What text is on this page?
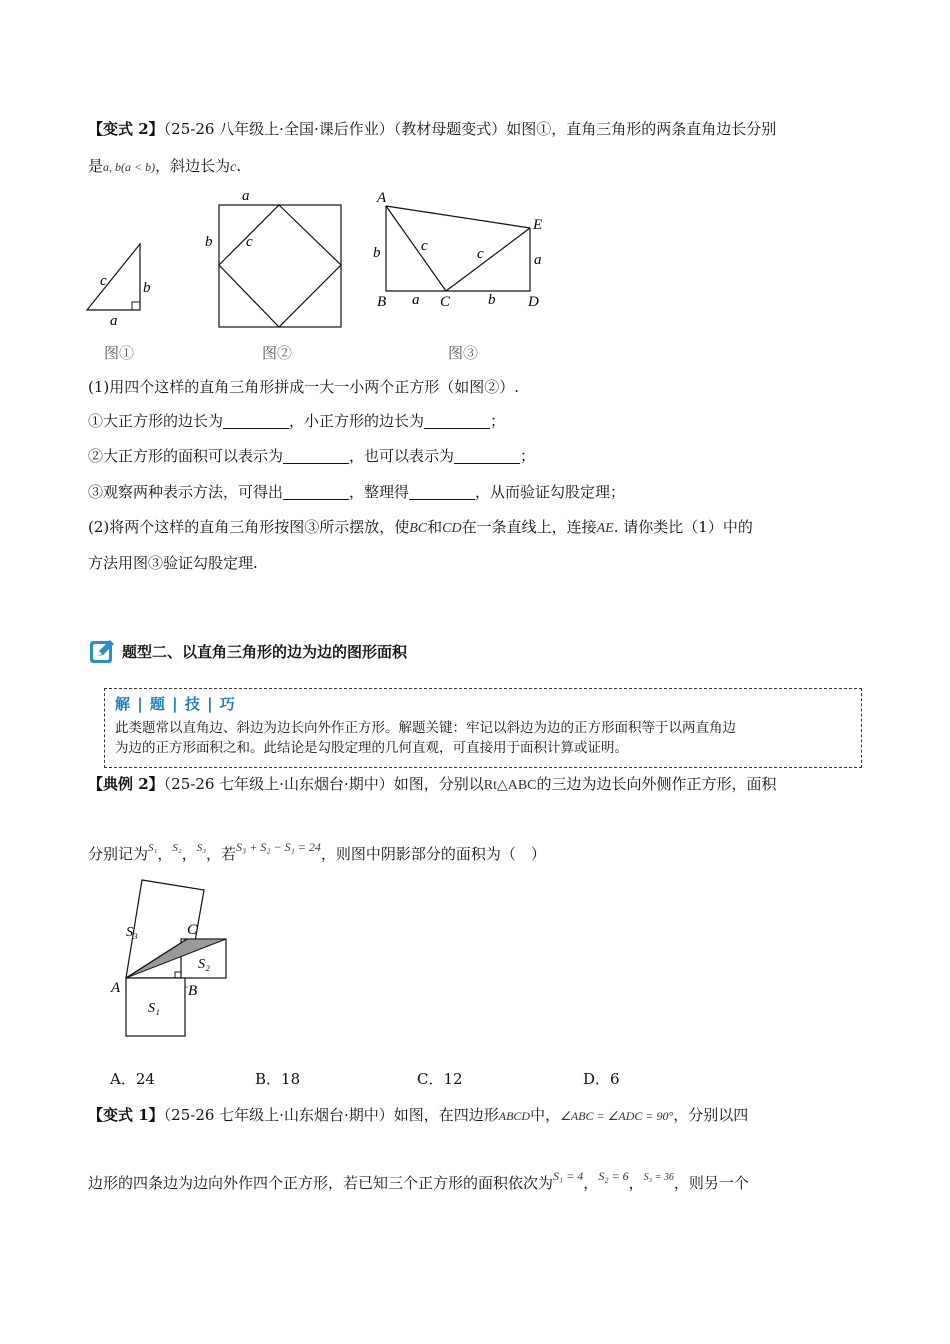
【变式 2】（25-26 八年级上·全国·课后作业）（教材母题变式）如图①，直角三角形的两条直角边长分别
是a, b(a < b)，斜边长为c.
c b
a
图①
a
b c
图②
A
E
b	c	c	a
B a C	b D
图③
(1)用四个这样的直角三角形拼成一大一小两个正方形（如图②）.
①大正方形的边长为	，小正方形的边长为	；
②大正方形的面积可以表示为	，也可以表示为	；
③观察两种表示方法，可得出	，整理得	，从而验证勾股定理；
(2)将两个这样的直角三角形按图③所示摆放，使BC和CD在一条直线上，连接AE. 请你类比（1）中的
方法用图③验证勾股定理.
题型二、以直角三角形的边为边的图形面积
解 | 题 | 技 | 巧
此类题常以直角边、斜边为边长向外作正方形。解题关键：牢记以斜边为边的正方形面积等于以两直角边
为边的正方形面积之和。此结论是勾股定理的几何直观，可直接用于面积计算或证明。
【典例 2】（25-26 七年级上·山东烟台·期中）如图，分别以Rt△ABC的三边为边长向外侧作正方形，面积
分别记为$^{S_1}$，$^{S_2}$，$^{S_3}$，若$^{S_3 + S_2 - S_1 = 24}$，则图中阴影部分的面积为（　）
S₃	C
S₂
A	B
S₁
A．24	B．18	C．12	D．6
【变式 1】（25-26 七年级上·山东烟台·期中）如图，在四边形ABCD中，∠ABC = ∠ADC = 90°，分别以四
边形的四条边为边向外作四个正方形，若已知三个正方形的面积依次为$^{S_1 = 4}$，$^{S_2 = 6}$，$^{S_3 = 36}$，则另一个
